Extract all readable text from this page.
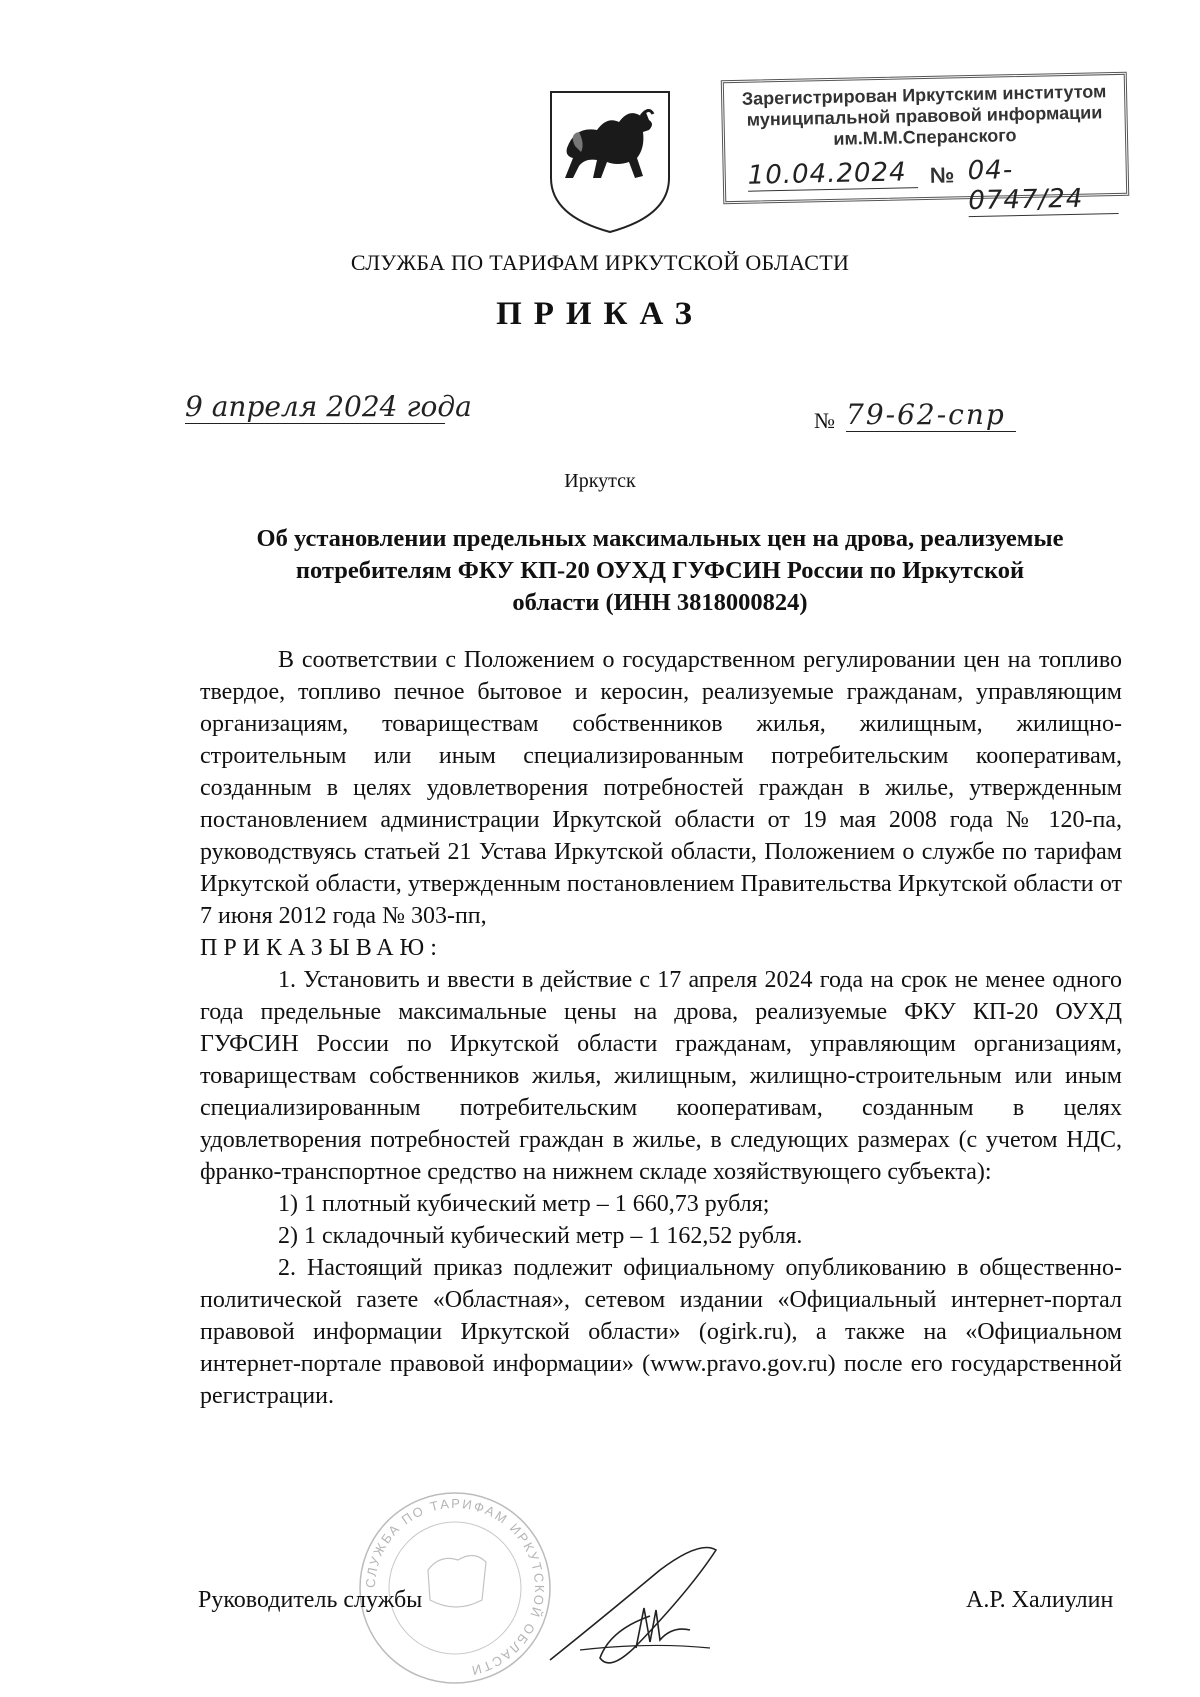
Зарегистрирован Иркутским институтом
муниципальной правовой информации
им.М.М.Сперанского
10.04.2024	№ 04-0747/24
СЛУЖБА ПО ТАРИФАМ ИРКУТСКОЙ ОБЛАСТИ
ПРИКАЗ
9 апреля 2024 года	№ 79-62-спр
Иркутск
Об установлении предельных максимальных цен на дрова, реализуемые
потребителям ФКУ КП-20 ОУХД ГУФСИН России по Иркутской
области (ИНН 3818000824)

В соответствии с Положением о государственном регулировании цен на топливо твердое, топливо печное бытовое и керосин, реализуемые гражданам, управляющим организациям, товариществам собственников жилья, жилищным, жилищно-строительным или иным специализированным потребительским кооперативам, созданным в целях удовлетворения потребностей граждан в жилье, утвержденным постановлением администрации Иркутской области от 19 мая 2008 года № 120-па, руководствуясь статьей 21 Устава Иркутской области, Положением о службе по тарифам Иркутской области, утвержденным постановлением Правительства Иркутской области от 7 июня 2012 года № 303-пп,

ПРИКАЗЫВАЮ:

1. Установить и ввести в действие с 17 апреля 2024 года на срок не менее одного года предельные максимальные цены на дрова, реализуемые ФКУ КП-20 ОУХД ГУФСИН России по Иркутской области гражданам, управляющим организациям, товариществам собственников жилья, жилищным, жилищно-строительным или иным специализированным потребительским кооперативам, созданным в целях удовлетворения потребностей граждан в жилье, в следующих размерах (с учетом НДС, франко-транспортное средство на нижнем складе хозяйствующего субъекта):

1) 1 плотный кубический метр – 1 660,73 рубля;

2) 1 складочный кубический метр – 1 162,52 рубля.

2. Настоящий приказ подлежит официальному опубликованию в общественно-политической газете «Областная», сетевом издании «Официальный интернет-портал правовой информации Иркутской области» (ogirk.ru), а также на «Официальном интернет-портале правовой информации» (www.pravo.gov.ru) после его государственной регистрации.

СЛУЖБА ПО ТАРИФАМ ИРКУТСКОЙ ОБЛАСТИ
Руководитель службы	А.Р. Халиулин
